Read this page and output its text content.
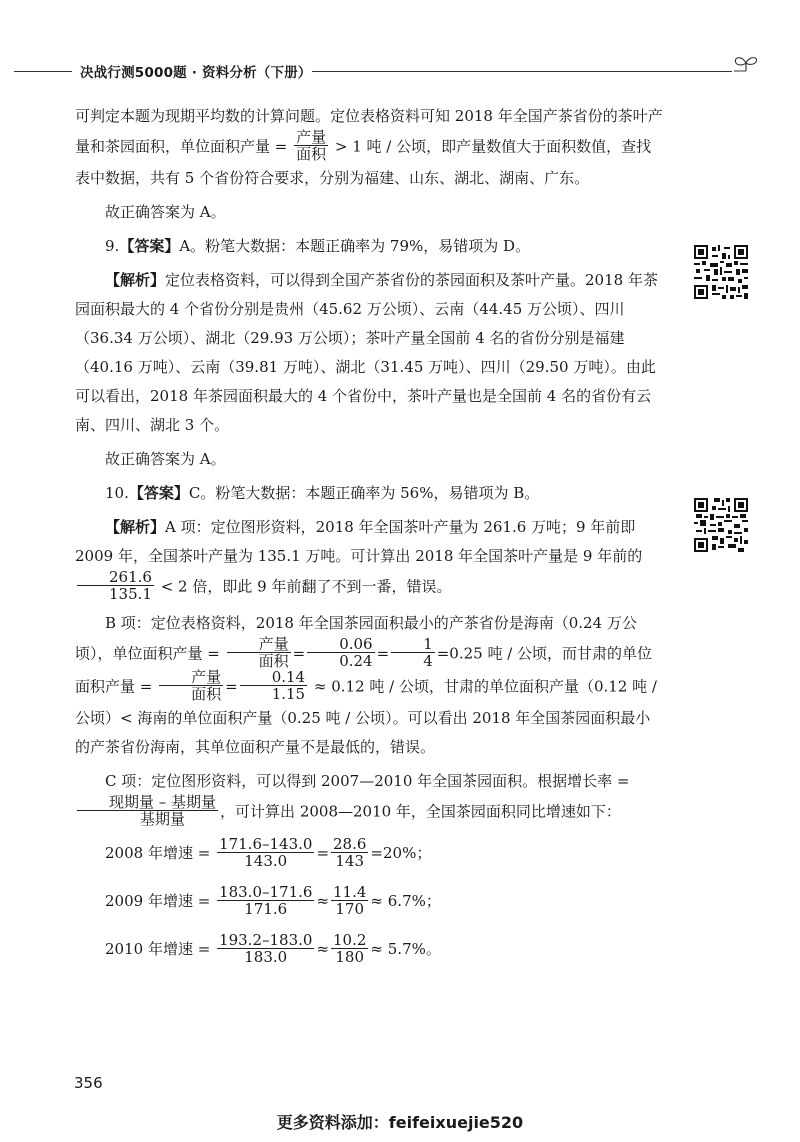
决战行测5000题 · 资料分析（下册）

可判定本题为现期平均数的计算问题。定位表格资料可知 2018 年全国产茶省份的茶叶产量和茶园面积，单位面积产量 = $\frac{\text{产量}}{\text{面积}} > 1$ 吨 / 公顷，即产量数值大于面积数值，查找表中数据，共有 5 个省份符合要求，分别为福建、山东、湖北、湖南、广东。

故正确答案为 A。

9.【答案】A。粉笔大数据：本题正确率为 79%，易错项为 D。

【解析】定位表格资料，可以得到全国产茶省份的茶园面积及茶叶产量。2018 年茶园面积最大的 4 个省份分别是贵州（45.62 万公顷）、云南（44.45 万公顷）、四川（36.34 万公顷）、湖北（29.93 万公顷）；茶叶产量全国前 4 名的省份分别是福建（40.16 万吨）、云南（39.81 万吨）、湖北（31.45 万吨）、四川（29.50 万吨）。由此可以看出，2018 年茶园面积最大的 4 个省份中，茶叶产量也是全国前 4 名的省份有云南、四川、湖北 3 个。

故正确答案为 A。

10.【答案】C。粉笔大数据：本题正确率为 56%，易错项为 B。

【解析】A 项：定位图形资料，2018 年全国茶叶产量为 261.6 万吨；9 年前即 2009 年，全国茶叶产量为 135.1 万吨。可计算出 2018 年全国茶叶产量是 9 年前的
$\frac{261.6}{135.1} < 2$ 倍，即此 9 年前翻了不到一番，错误。

B 项：定位表格资料，2018 年全国茶园面积最小的产茶省份是海南（0.24 万公顷），单位面积产量 = $\frac{\text{产量}}{\text{面积}} = \frac{0.06}{0.24} = \frac{1}{4} =0.25$ 吨 / 公顷，而甘肃的单位面积产量 = $\frac{\text{产量}}{\text{面积}} = \frac{0.14}{1.15} \approx 0.12$ 吨 / 公顷，甘肃的单位面积产量（0.12 吨 / 公顷）< 海南的单位面积产量（0.25 吨 / 公顷）。可以看出 2018 年全国茶园面积最小的产茶省份海南，其单位面积产量不是最低的，错误。

C 项：定位图形资料，可以得到 2007—2010 年全国茶园面积。根据增长率 =
$\frac{\text{现期量 – 基期量}}{\text{基期量}}$ ，可计算出 2008—2010 年，全国茶园面积同比增速如下：

2008 年增速 = $\frac{171.6-143.0}{143.0} = \frac{28.6}{143} =20\%$；
2009 年增速 = $\frac{183.0-171.6}{171.6} \approx \frac{11.4}{170} \approx 6.7\%$；
2010 年增速 = $\frac{193.2-183.0}{183.0} \approx \frac{10.2}{180} \approx 5.7\%$。
356
更多资料添加：feifeixuejie520
